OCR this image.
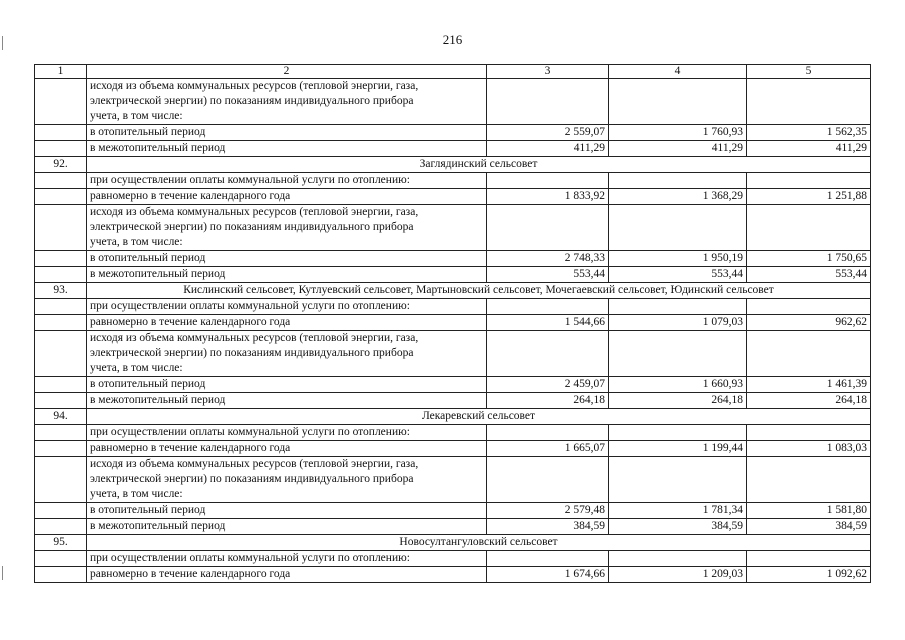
216
1	2	3	4	5

	исходя из объема коммунальных ресурсов (тепловой энергии, газа,
электрической энергии) по показаниям индивидуального прибора
учета, в том числе:			

	в отопительный период	2 559,07	1 760,93	1 562,35
	в межотопительный период	411,29	411,29	411,29
92.	Заглядинский сельсовет			
	при осуществлении оплаты коммунальной услуги по отоплению:			
	равномерно в течение календарного года	1 833,92	1 368,29	1 251,88

	исходя из объема коммунальных ресурсов (тепловой энергии, газа,
электрической энергии) по показаниям индивидуального прибора
учета, в том числе:			

	в отопительный период	2 748,33	1 950,19	1 750,65
	в межотопительный период	553,44	553,44	553,44
93.	Кислинский сельсовет, Кутлуевский сельсовет, Мартыновский сельсовет, Мочегаевский сельсовет, Юдинский сельсовет			
	при осуществлении оплаты коммунальной услуги по отоплению:			
	равномерно в течение календарного года	1 544,66	1 079,03	962,62

	исходя из объема коммунальных ресурсов (тепловой энергии, газа,
электрической энергии) по показаниям индивидуального прибора
учета, в том числе:			

	в отопительный период	2 459,07	1 660,93	1 461,39
	в межотопительный период	264,18	264,18	264,18
94.	Лекаревский сельсовет			
	при осуществлении оплаты коммунальной услуги по отоплению:			
	равномерно в течение календарного года	1 665,07	1 199,44	1 083,03

	исходя из объема коммунальных ресурсов (тепловой энергии, газа,
электрической энергии) по показаниям индивидуального прибора
учета, в том числе:			

	в отопительный период	2 579,48	1 781,34	1 581,80
	в межотопительный период	384,59	384,59	384,59
95.	Новосултангуловский сельсовет			
	при осуществлении оплаты коммунальной услуги по отоплению:			
	равномерно в течение календарного года	1 674,66	1 209,03	1 092,62
